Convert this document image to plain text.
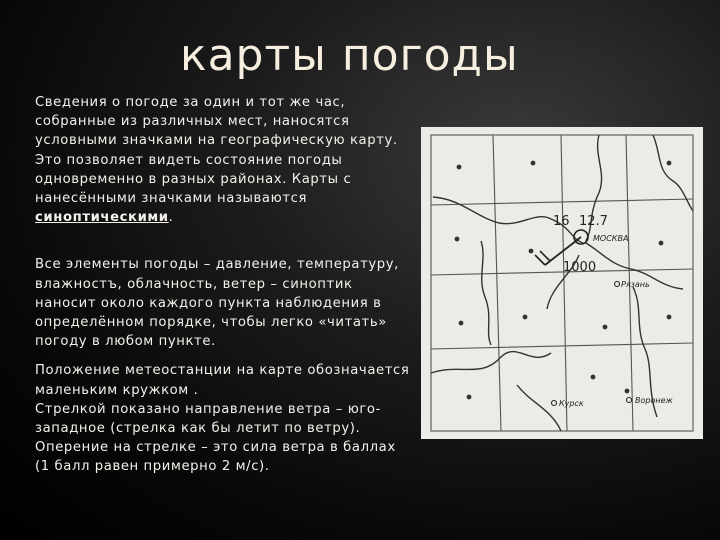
карты погоды

Сведения о погоде за один и тот же час, собранные из различных мест, наносятся условными значками на географическую карту. Это позволяет видеть состояние погоды одновременно в разных районах. Карты с нанесёнными значками называются синоптическими.

Все элементы погоды – давление, температуру, влажностъ, облачность, ветер – синоптик наносит около каждого пункта наблюдения в определённом порядке, чтобы легко «читать» погоду в любом пункте.

Положение метеостанции на карте обозначается маленьким кружком .
Стрелкой показано направление ветра – юго-западное (стрелка как бы летит по ветру).
Оперение на стрелке – это сила ветра в баллах (1 балл равен примерно 2 м/с).

16 12.7
1000
МОСКВА
Рязань
Курск	Воронеж
